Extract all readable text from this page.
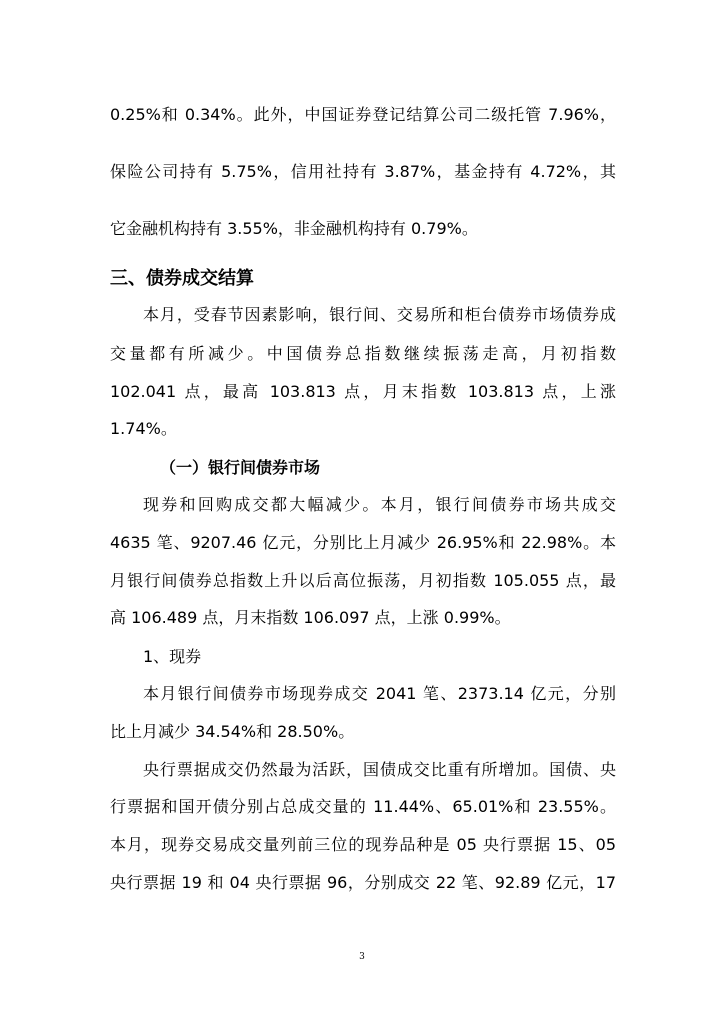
0.25%和 0.34%。此外，中国证券登记结算公司二级托管 7.96%，
保险公司持有 5.75%，信用社持有 3.87%，基金持有 4.72%，其
它金融机构持有 3.55%，非金融机构持有 0.79%。
三、债券成交结算
本月，受春节因素影响，银行间、交易所和柜台债券市场债券成
交量都有所减少。中国债券总指数继续振荡走高，月初指数
102.041 点，最高 103.813 点，月末指数 103.813 点，上涨
1.74%。
（一）银行间债券市场
现券和回购成交都大幅减少。本月，银行间债券市场共成交
4635 笔、9207.46 亿元，分别比上月减少 26.95%和 22.98%。本
月银行间债券总指数上升以后高位振荡，月初指数 105.055 点，最
高 106.489 点，月末指数 106.097 点，上涨 0.99%。
1、现券
本月银行间债券市场现券成交 2041 笔、2373.14 亿元，分别
比上月减少 34.54%和 28.50%。
央行票据成交仍然最为活跃，国债成交比重有所增加。国债、央
行票据和国开债分别占总成交量的 11.44%、65.01%和 23.55%。
本月，现券交易成交量列前三位的现券品种是 05 央行票据 15、05
央行票据 19 和 04 央行票据 96，分别成交 22 笔、92.89 亿元，17
3
